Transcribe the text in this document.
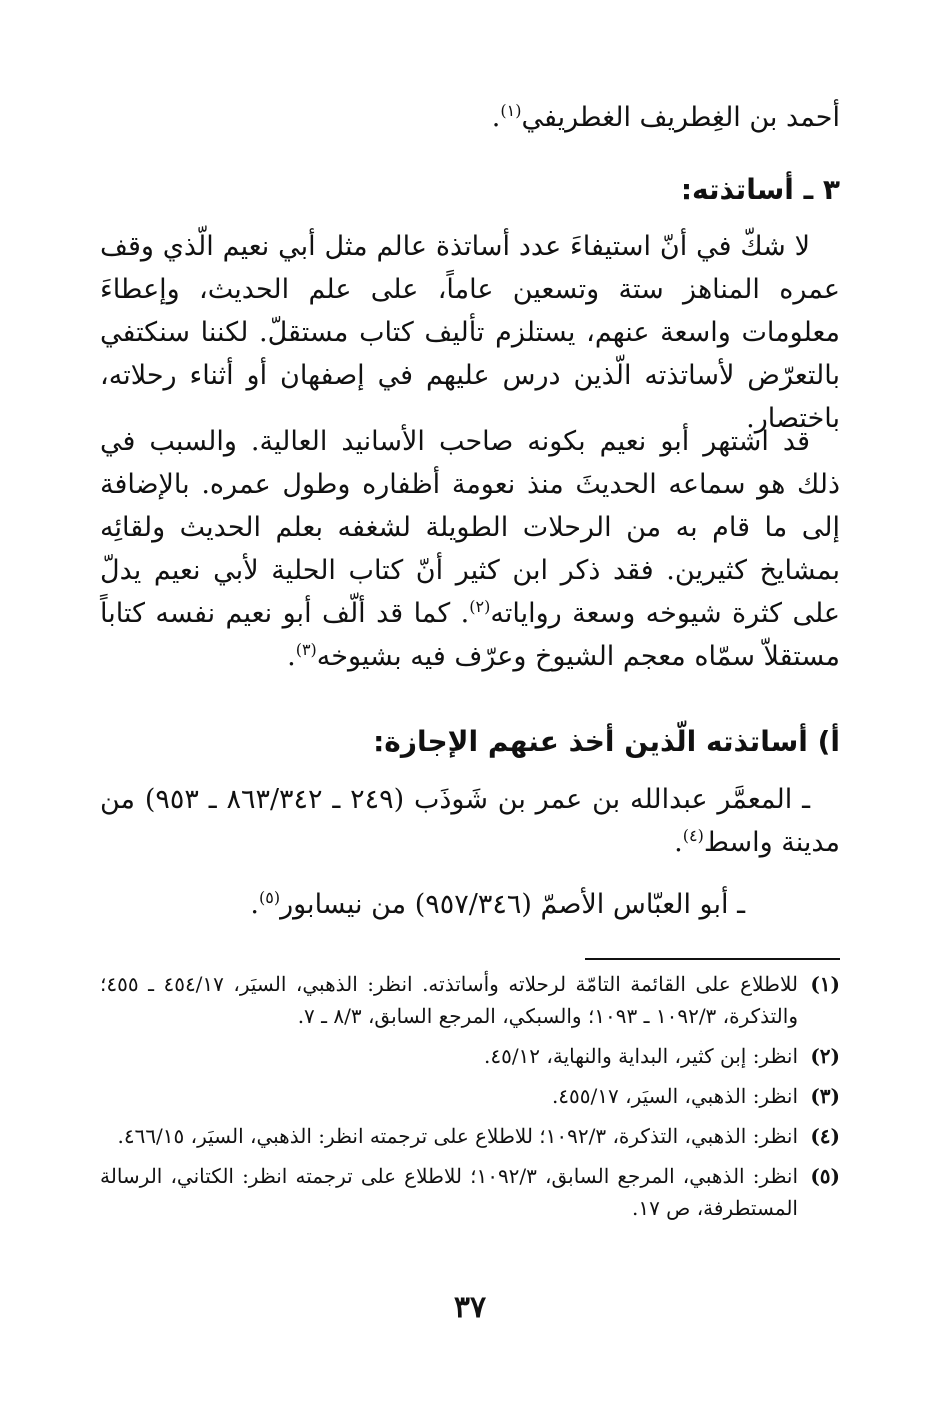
أحمد بن الغِطريف الغطريفي$^{(١)}$.

٣ ـ أساتذته:

لا شكّ في أنّ استيفاءَ عدد أساتذة عالم مثل أبي نعيم الّذي وقف عمره المناهز ستة وتسعين عاماً، على علم الحديث، وإعطاءَ معلومات واسعة عنهم، يستلزم تأليف كتاب مستقلّ. لكننا سنكتفي بالتعرّض لأساتذته الّذين درس عليهم في إصفهان أو أثناء رحلاته، باختصار.

قد اشتهر أبو نعيم بكونه صاحب الأسانيد العالية. والسبب في ذلك هو سماعه الحديثَ منذ نعومة أظفاره وطول عمره. بالإضافة إلى ما قام به من الرحلات الطويلة لشغفه بعلم الحديث ولقائِه بمشايخ كثيرين. فقد ذكر ابن كثير أنّ كتاب الحلية لأبي نعيم يدلّ على كثرة شيوخه وسعة رواياته$^{(٢)}$. كما قد ألّف أبو نعيم نفسه كتاباً مستقلاّ سمّاه معجم الشيوخ وعرّف فيه بشيوخه$^{(٣)}$.

أ) أساتذته الّذين أخذ عنهم الإجازة:

ـ المعمَّر عبدالله بن عمر بن شَوذَب (٢٤٩ ـ ٨٦٣/٣٤٢ ـ ٩٥٣) من مدينة واسط$^{(٤)}$.

ـ أبو العبّاس الأصمّ (٩٥٧/٣٤٦) من نيسابور$^{(٥)}$.

(١)
للاطلاع على القائمة التامّة لرحلاته وأساتذته. انظر: الذهبي، السيَر، ٤٥٤/١٧ ـ ٤٥٥؛ والتذكرة، ١٠٩٢/٣ ـ ١٠٩٣؛ والسبكي، المرجع السابق، ٨/٣ ـ ٧.
(٢)
انظر: إبن كثير، البداية والنهاية، ٤٥/١٢.
(٣)
انظر: الذهبي، السيَر، ٤٥٥/١٧.
(٤)
انظر: الذهبي، التذكرة، ١٠٩٢/٣؛ للاطلاع على ترجمته انظر: الذهبي، السيَر، ٤٦٦/١٥.
(٥)
انظر: الذهبي، المرجع السابق، ١٠٩٢/٣؛ للاطلاع على ترجمته انظر: الكتاني، الرسالة المستطرفة، ص ١٧.
٣٧
